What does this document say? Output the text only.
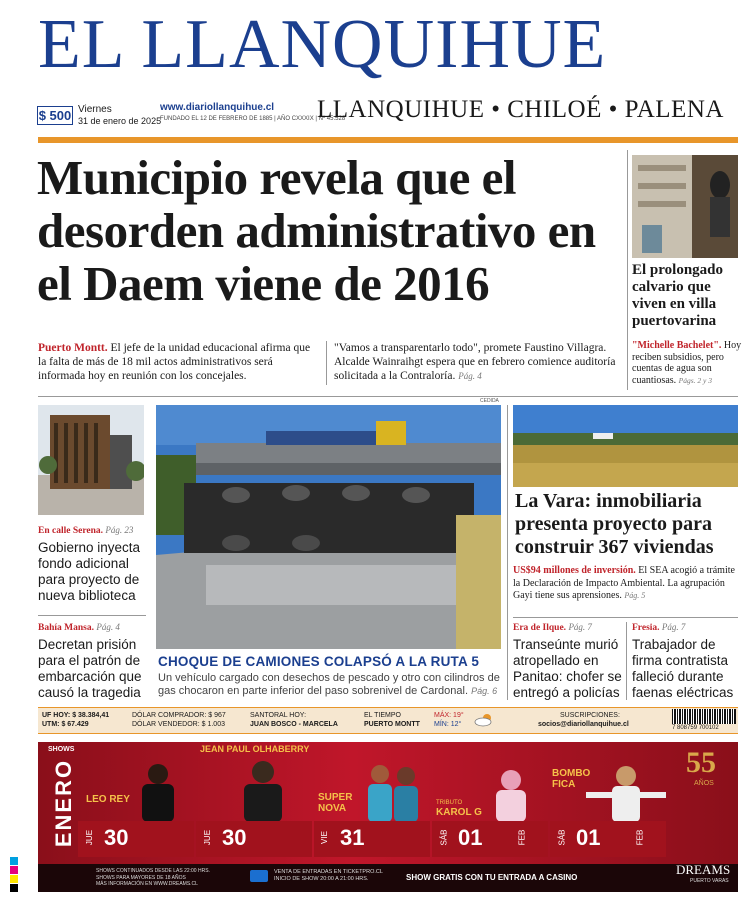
EL LLANQUIHUE
$ 500 Viernes
31 de enero de 2025
www.diariollanquihue.cl
FUNDADO EL 12 DE FEBRERO DE 1885 | AÑO CXXXIX | Nº 45.528
LLANQUIHUE • CHILOÉ • PALENA
Municipio revela que el desorden administrativo en el Daem viene de 2016
Puerto Montt. El jefe de la unidad educacional afirma que la falta de más de 18 mil actos administrativos será informada hoy en reunión con los concejales.
"Vamos a transparentarlo todo", promete Faustino Villagra. Alcalde Wainraihgt espera que en febrero comience auditoría solicitada a la Contraloría. Pág. 4
El prolongado calvario que viven en villa puertovarina
"Michelle Bachelet". Hoy reciben subsidios, pero cuentas de agua son cuantiosas. Págs. 2 y 3
En calle Serena. Pág. 23
Gobierno inyecta fondo adicional para proyecto de nueva biblioteca
Bahía Mansa. Pág. 4
Decretan prisión para el patrón de embarcación que causó la tragedia
CEDIDA
CHOQUE DE CAMIONES COLAPSÓ A LA RUTA 5
Un vehículo cargado con desechos de pescado y otro con cilindros de gas chocaron en parte inferior del paso sobrenivel de Cardonal. Pág. 6
La Vara: inmobiliaria presenta proyecto para construir 367 viviendas
US$94 millones de inversión. El SEA acogió a trámite la Declaración de Impacto Ambiental. La agrupación Gayi tiene sus aprensiones. Pág. 5
Era de Ilque. Pág. 7
Transeúnte murió atropellado en Panitao: chofer se entregó a policías
Fresia. Pág. 7
Trabajador de firma contratista falleció durante faenas eléctricas
UF HOY: $ 38.384,41
UTM: $ 67.429
DÓLAR COMPRADOR: $ 967
DÓLAR VENDEDOR: $ 1.003
SANTORAL HOY:
JUAN BOSCO - MARCELA
EL TIEMPO
PUERTO MONTT
MÁX: 19°
MÍN: 12°
SUSCRIPCIONES:
socios@diariollanquihue.cl	7 808759 700102
SHOWS
ENERO
JEAN PAUL OLHABERRY
LEO REY	SUPER NOVA	TRIBUTO
KAROL G
BOMBO FICA
JUE 30	JUE 30	VIE 31	SÁB 01	FEB	SÁB 01	FEB
55
AÑOS
SHOWS CONTINUADOS DESDE LAS 22:00 HRS.
SHOWS PARA MAYORES DE 18 AÑOS
MÁS INFORMACIÓN EN WWW.DREAMS.CL
VENTA DE ENTRADAS EN TICKETPRO.CL
INICIO DE SHOW 20:00 A 21:00 HRS.	SHOW GRATIS CON TU ENTRADA A CASINO
DREAMS
PUERTO VARAS
